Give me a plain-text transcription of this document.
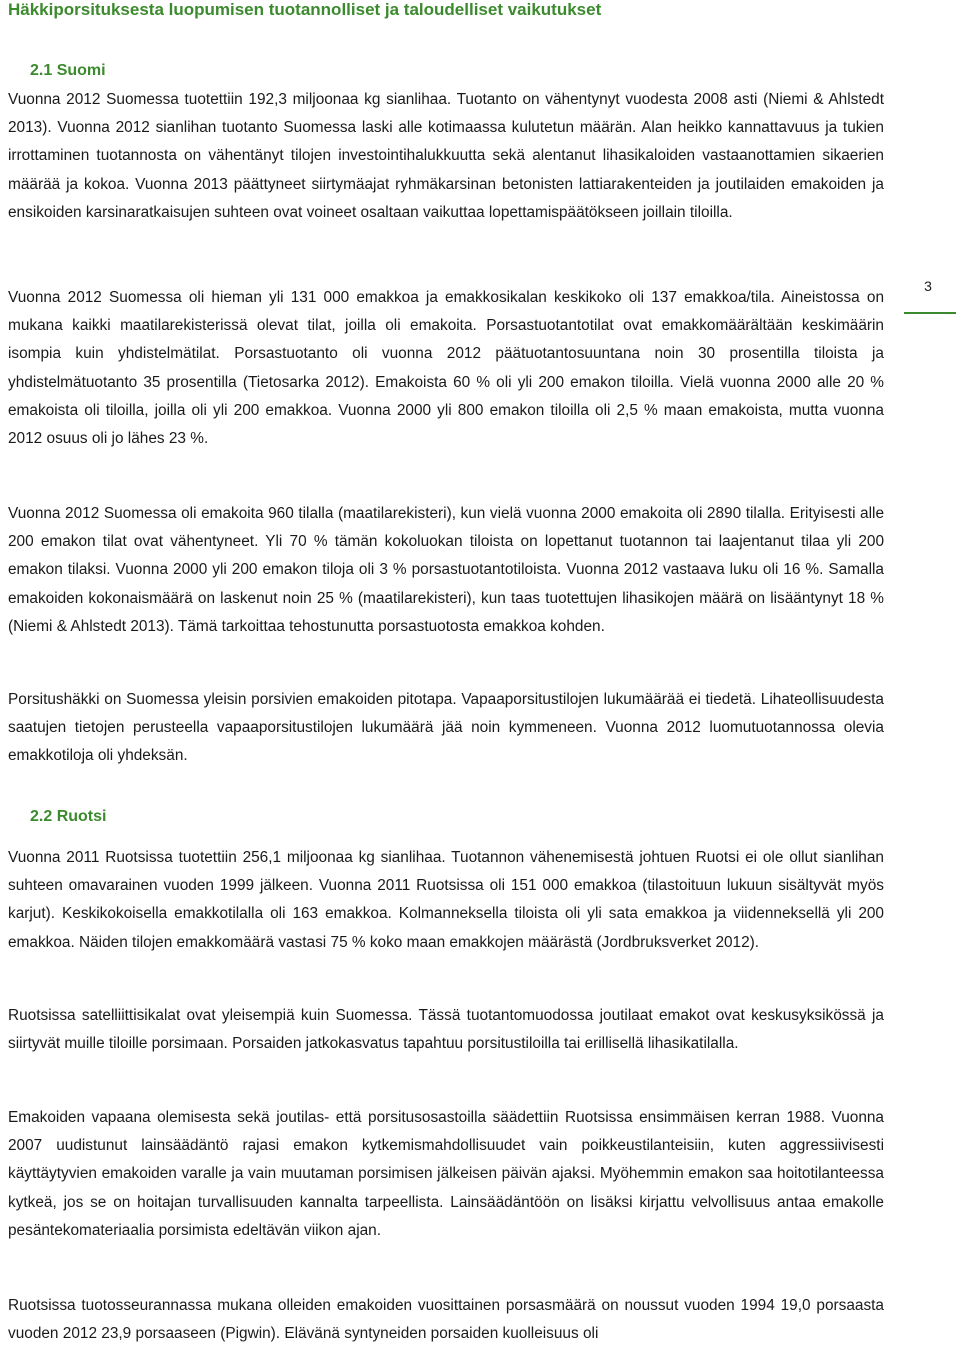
Häkkiporsituksesta luopumisen tuotannolliset ja taloudelliset vaikutukset
2.1 Suomi

Vuonna 2012 Suomessa tuotettiin 192,3 miljoonaa kg sianlihaa. Tuotanto on vähentynyt vuodesta 2008 asti (Niemi & Ahlstedt 2013). Vuonna 2012 sianlihan tuotanto Suomessa laski alle kotimaassa kulutetun määrän. Alan heikko kannattavuus ja tukien irrottaminen tuotannosta on vähentänyt tilojen investointihalukkuutta sekä alentanut lihasikaloiden vastaanottamien sikaerien määrää ja kokoa. Vuonna 2013 päättyneet siirtymäajat ryhmäkarsinan betonisten lattiarakenteiden ja joutilaiden emakoiden ja ensikoiden karsinaratkaisujen suhteen ovat voineet osaltaan vaikuttaa lopettamispäätökseen joillain tiloilla.

3

Vuonna 2012 Suomessa oli hieman yli 131 000 emakkoa ja emakkosikalan keskikoko oli 137 emakkoa/tila. Aineistossa on mukana kaikki maatilarekisterissä olevat tilat, joilla oli emakoita. Porsastuotantotilat ovat emakkomäärältään keskimäärin isompia kuin yhdistelmätilat. Porsastuotanto oli vuonna 2012 päätuotantosuuntana noin 30 prosentilla tiloista ja yhdistelmätuotanto 35 prosentilla (Tietosarka 2012). Emakoista 60 % oli yli 200 emakon tiloilla. Vielä vuonna 2000 alle 20 % emakoista oli tiloilla, joilla oli yli 200 emakkoa. Vuonna 2000 yli 800 emakon tiloilla oli 2,5 % maan emakoista, mutta vuonna 2012 osuus oli jo lähes 23 %.

Vuonna 2012 Suomessa oli emakoita 960 tilalla (maatilarekisteri), kun vielä vuonna 2000 emakoita oli 2890 tilalla. Erityisesti alle 200 emakon tilat ovat vähentyneet. Yli 70 % tämän kokoluokan tiloista on lopettanut tuotannon tai laajentanut tilaa yli 200 emakon tilaksi. Vuonna 2000 yli 200 emakon tiloja oli 3 % porsastuotantotiloista. Vuonna 2012 vastaava luku oli 16 %. Samalla emakoiden kokonaismäärä on laskenut noin 25 % (maatilarekisteri), kun taas tuotettujen lihasikojen määrä on lisääntynyt 18 % (Niemi & Ahlstedt 2013). Tämä tarkoittaa tehostunutta porsastuotosta emakkoa kohden.

Porsitushäkki on Suomessa yleisin porsivien emakoiden pitotapa. Vapaaporsitustilojen lukumäärää ei tiedetä. Lihateollisuudesta saatujen tietojen perusteella vapaaporsitustilojen lukumäärä jää noin kymmeneen. Vuonna 2012 luomutuotannossa olevia emakkotiloja oli yhdeksän.

2.2 Ruotsi

Vuonna 2011 Ruotsissa tuotettiin 256,1 miljoonaa kg sianlihaa. Tuotannon vähenemisestä johtuen Ruotsi ei ole ollut sianlihan suhteen omavarainen vuoden 1999 jälkeen. Vuonna 2011 Ruotsissa oli 151 000 emakkoa (tilastoituun lukuun sisältyvät myös karjut). Keskikokoisella emakkotilalla oli 163 emakkoa. Kolmanneksella tiloista oli yli sata emakkoa ja viidenneksellä yli 200 emakkoa. Näiden tilojen emakkomäärä vastasi 75 % koko maan emakkojen määrästä (Jordbruksverket 2012).

Ruotsissa satelliittisikalat ovat yleisempiä kuin Suomessa. Tässä tuotantomuodossa joutilaat emakot ovat keskusyksikössä ja siirtyvät muille tiloille porsimaan. Porsaiden jatkokasvatus tapahtuu porsitustiloilla tai erillisellä lihasikatilalla.

Emakoiden vapaana olemisesta sekä joutilas- että porsitusosastoilla säädettiin Ruotsissa ensimmäisen kerran 1988. Vuonna 2007 uudistunut lainsäädäntö rajasi emakon kytkemismahdollisuudet vain poikkeustilanteisiin, kuten aggressiivisesti käyttäytyvien emakoiden varalle ja vain muutaman porsimisen jälkeisen päivän ajaksi. Myöhemmin emakon saa hoitotilanteessa kytkeä, jos se on hoitajan turvallisuuden kannalta tarpeellista. Lainsäädäntöön on lisäksi kirjattu velvollisuus antaa emakolle pesäntekomateriaalia porsimista edeltävän viikon ajan.

Ruotsissa tuotosseurannassa mukana olleiden emakoiden vuosittainen porsasmäärä on noussut vuoden 1994 19,0 porsaasta vuoden 2012 23,9 porsaaseen (Pigwin). Elävänä syntyneiden porsaiden kuolleisuus oli
